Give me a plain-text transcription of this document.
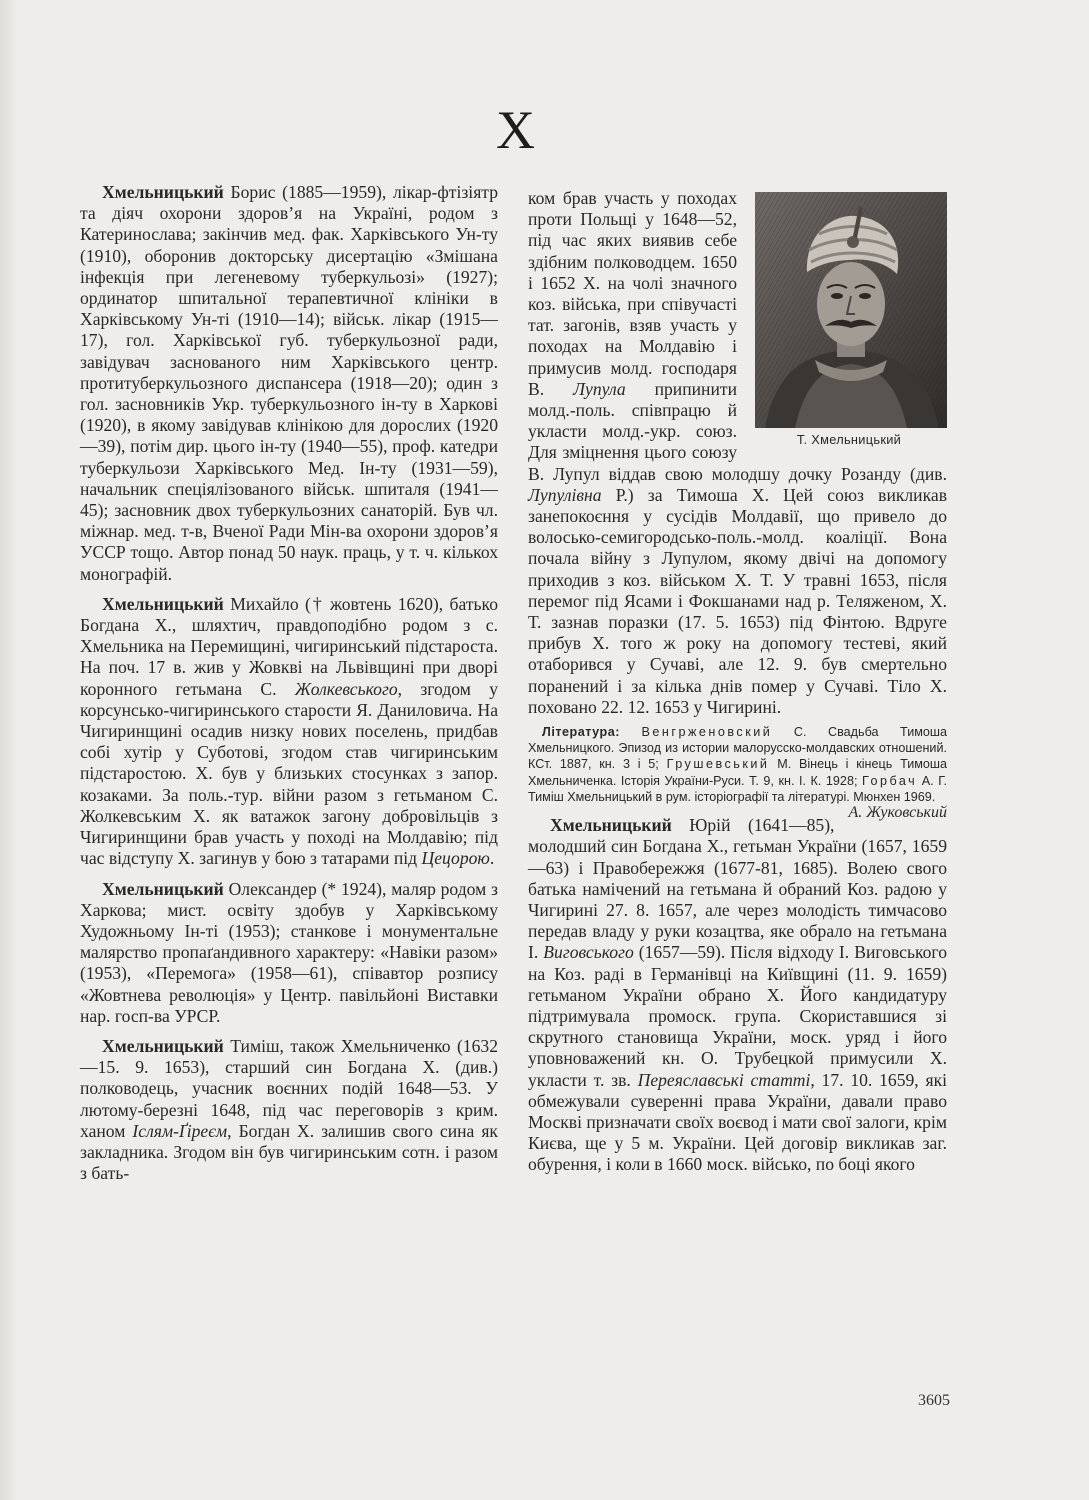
Х

Хмельницький Борис (1885—1959), лікар-фтізіятр та діяч охорони здоров’я на Україні, родом з Катеринослава; закінчив мед. фак. Харківського Ун-ту (1910), оборонив докторську дисертацію «Змішана інфекція при легеневому туберкульозі» (1927); ординатор шпитальної терапевтичної клініки в Харківському Ун-ті (1910—14); військ. лікар (1915—17), гол. Харківської губ. туберкульозної ради, завідувач заснованого ним Харківського центр. протитуберкульозного диспансера (1918—20); один з гол. засновників Укр. туберкульозного ін-ту в Харкові (1920), в якому завідував клінікою для дорослих (1920—39), потім дир. цього ін-ту (1940—55), проф. катедри туберкульози Харківського Мед. Ін-ту (1931—59), начальник спеціялізованого військ. шпиталя (1941—45); засновник двох туберкульозних санаторій. Був чл. міжнар. мед. т-в, Вченої Ради Мін-ва охорони здоров’я УССР тощо. Автор понад 50 наук. праць, у т. ч. кількох монографій.

Хмельницький Михайло († жовтень 1620), батько Богдана Х., шляхтич, правдоподібно родом з с. Хмельника на Перемищині, чигиринський підстароста. На поч. 17 в. жив у Жовкві на Львівщині при дворі коронного гетьмана С. Жолкевського, згодом у корсунсько-чигиринського старости Я. Даниловича. На Чигиринщині осадив низку нових поселень, придбав собі хутір у Суботові, згодом став чигиринським підстаростою. Х. був у близьких стосунках з запор. козаками. За поль.-тур. війни разом з гетьманом С. Жолкевським Х. як ватажок загону добровільців з Чигиринщини брав участь у поході на Молдавію; під час відступу Х. загинув у бою з татарами під Цецорою.

Хмельницький Олександер (* 1924), маляр родом з Харкова; мист. освіту здобув у Харківському Художньому Ін-ті (1953); станкове і монументальне малярство пропаґандивного характеру: «Навіки разом» (1953), «Перемога» (1958—61), співавтор розпису «Жовтнева революція» у Центр. павільйоні Виставки нар. госп-ва УРСР.

Хмельницький Тиміш, також Хмельниченко (1632—15. 9. 1653), старший син Богдана Х. (див.) полководець, учасник воєнних подій 1648—53. У лютому-березні 1648, під час переговорів з крим. ханом Іслям-Ґіреєм, Богдан Х. залишив свого сина як закладника. Згодом він був чигиринським сотн. і разом з бать-

Т. Хмельницький
ком брав участь у походах проти Польщі у 1648—52, під час яких виявив себе здібним полководцем. 1650 і 1652 Х. на чолі значного коз. війська, при співучасті тат. загонів, взяв участь у походах на Молдавію і примусив молд. господаря В. Лупула припинити молд.-поль. співпрацю й укласти молд.-укр. союз. Для зміцнення цього союзу В. Лупул віддав свою молодшу дочку Розанду (див. Лупулівна Р.) за Тимоша Х. Цей союз викликав занепокоєння у сусідів Молдавії, що привело до волосько-семигородсько-поль.-молд. коаліції. Вона почала війну з Лупулом, якому двічі на допомогу приходив з коз. військом Х. Т. У травні 1653, після перемог під Ясами і Фокшанами над р. Теляженом, Х. Т. зазнав поразки (17. 5. 1653) під Фінтою. Вдруге прибув Х. того ж року на допомогу тестеві, який отаборився у Сучаві, але 12. 9. був смертельно поранений і за кілька днів помер у Сучаві. Тіло Х. поховано 22. 12. 1653 у Чигирині.

Література: Венгрженовский С. Свадьба Тимоша Хмельницкого. Эпизод из истории малорусско-молдавских отношений. КСт. 1887, кн. 3 і 5; Грушевський М. Вінець і кінець Тимоша Хмельниченка. Історія України-Руси. Т. 9, кн. I. К. 1928; Горбач А. Г. Тиміш Хмельницький в рум. історіографії та літературі. Мюнхен 1969.
А. Жуковський

Хмельницький Юрій (1641—85), молодший син Богдана Х., гетьман України (1657, 1659—63) і Правобережжя (1677-81, 1685). Волею свого батька намічений на гетьмана й обраний Коз. радою у Чигирині 27. 8. 1657, але через молодість тимчасово передав владу у руки козацтва, яке обрало на гетьмана І. Виговського (1657—59). Після відходу І. Виговського на Коз. раді в Германівці на Київщині (11. 9. 1659) гетьманом України обрано Х. Його кандидатуру підтримувала промоск. група. Скориставшися зі скрутного становища України, моск. уряд і його уповноважений кн. О. Трубецкой примусили Х. укласти т. зв. Переяславські статті, 17. 10. 1659, які обмежували суверенні права України, давали право Москві призначати своїх воєвод і мати свої залоги, крім Києва, ще у 5 м. України. Цей договір викликав заг. обурення, і коли в 1660 моск. військо, по боці якого

3605
